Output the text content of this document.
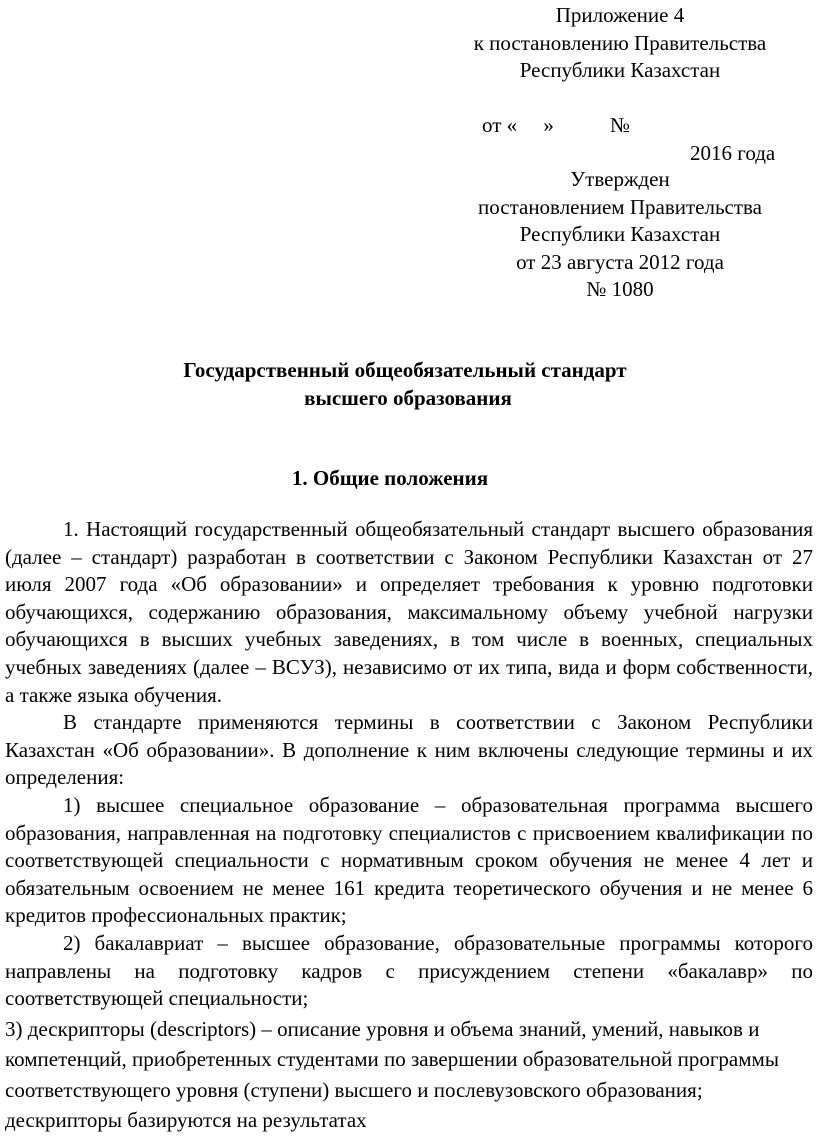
Приложение 4
к постановлению Правительства
Республики Казахстан

от «     »

2016 года

№
Утвержден
постановлением Правительства
Республики Казахстан
от 23 августа 2012 года
№ 1080
Государственный общеобязательный стандарт
высшего образования
1. Общие положения

1. Настоящий государственный общеобязательный стандарт высшего образования (далее – стандарт) разработан в соответствии с Законом Республики Казахстан от 27 июля 2007 года «Об образовании» и определяет требования к уровню подготовки обучающихся, содержанию образования, максимальному объему учебной нагрузки обучающихся в высших учебных заведениях, в том числе в военных, специальных учебных заведениях (далее – ВСУЗ), независимо от их типа, вида и форм собственности, а также языка обучения.

В стандарте применяются термины в соответствии с Законом Республики Казахстан «Об образовании». В дополнение к ним включены следующие термины и их определения:

1) высшее специальное образование – образовательная программа высшего образования, направленная на подготовку специалистов с присвоением квалификации по соответствующей специальности с нормативным сроком обучения не менее 4 лет и обязательным освоением не менее 161 кредита теоретического обучения и не менее 6 кредитов профессиональных практик;

2) бакалавриат – высшее образование, образовательные программы которого направлены на подготовку кадров с присуждением степени «бакалавр» по соответствующей специальности;

3) дескрипторы (descriptors) – описание уровня и объема знаний, умений, навыков и компетенций, приобретенных студентами по завершении образовательной программы соответствующего уровня (ступени) высшего и послевузовского образования; дескрипторы базируются на результатах
